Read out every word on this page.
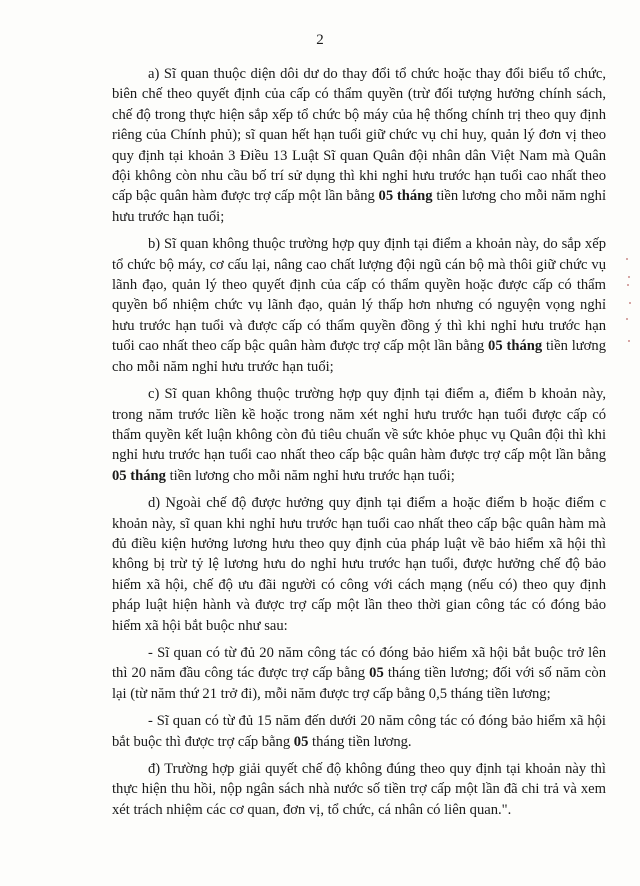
2

a) Sĩ quan thuộc diện dôi dư do thay đổi tổ chức hoặc thay đổi biểu tổ chức, biên chế theo quyết định của cấp có thẩm quyền (trừ đối tượng hưởng chính sách, chế độ trong thực hiện sắp xếp tổ chức bộ máy của hệ thống chính trị theo quy định riêng của Chính phủ); sĩ quan hết hạn tuổi giữ chức vụ chỉ huy, quản lý đơn vị theo quy định tại khoản 3 Điều 13 Luật Sĩ quan Quân đội nhân dân Việt Nam mà Quân đội không còn nhu cầu bố trí sử dụng thì khi nghỉ hưu trước hạn tuổi cao nhất theo cấp bậc quân hàm được trợ cấp một lần bằng 05 tháng tiền lương cho mỗi năm nghỉ hưu trước hạn tuổi;

b) Sĩ quan không thuộc trường hợp quy định tại điểm a khoản này, do sắp xếp tổ chức bộ máy, cơ cấu lại, nâng cao chất lượng đội ngũ cán bộ mà thôi giữ chức vụ lãnh đạo, quản lý theo quyết định của cấp có thẩm quyền hoặc được cấp có thẩm quyền bổ nhiệm chức vụ lãnh đạo, quản lý thấp hơn nhưng có nguyện vọng nghỉ hưu trước hạn tuổi và được cấp có thẩm quyền đồng ý thì khi nghỉ hưu trước hạn tuổi cao nhất theo cấp bậc quân hàm được trợ cấp một lần bằng 05 tháng tiền lương cho mỗi năm nghỉ hưu trước hạn tuổi;

c) Sĩ quan không thuộc trường hợp quy định tại điểm a, điểm b khoản này, trong năm trước liền kề hoặc trong năm xét nghỉ hưu trước hạn tuổi được cấp có thẩm quyền kết luận không còn đủ tiêu chuẩn về sức khỏe phục vụ Quân đội thì khi nghỉ hưu trước hạn tuổi cao nhất theo cấp bậc quân hàm được trợ cấp một lần bằng 05 tháng tiền lương cho mỗi năm nghỉ hưu trước hạn tuổi;

d) Ngoài chế độ được hưởng quy định tại điểm a hoặc điểm b hoặc điểm c khoản này, sĩ quan khi nghỉ hưu trước hạn tuổi cao nhất theo cấp bậc quân hàm mà đủ điều kiện hưởng lương hưu theo quy định của pháp luật về bảo hiểm xã hội thì không bị trừ tỷ lệ lương hưu do nghỉ hưu trước hạn tuổi, được hưởng chế độ bảo hiểm xã hội, chế độ ưu đãi người có công với cách mạng (nếu có) theo quy định pháp luật hiện hành và được trợ cấp một lần theo thời gian công tác có đóng bảo hiểm xã hội bắt buộc như sau:

- Sĩ quan có từ đủ 20 năm công tác có đóng bảo hiểm xã hội bắt buộc trở lên thì 20 năm đầu công tác được trợ cấp bằng 05 tháng tiền lương; đối với số năm còn lại (từ năm thứ 21 trở đi), mỗi năm được trợ cấp bằng 0,5 tháng tiền lương;

- Sĩ quan có từ đủ 15 năm đến dưới 20 năm công tác có đóng bảo hiểm xã hội bắt buộc thì được trợ cấp bằng 05 tháng tiền lương.

đ) Trường hợp giải quyết chế độ không đúng theo quy định tại khoản này thì thực hiện thu hồi, nộp ngân sách nhà nước số tiền trợ cấp một lần đã chi trả và xem xét trách nhiệm các cơ quan, đơn vị, tổ chức, cá nhân có liên quan.".
